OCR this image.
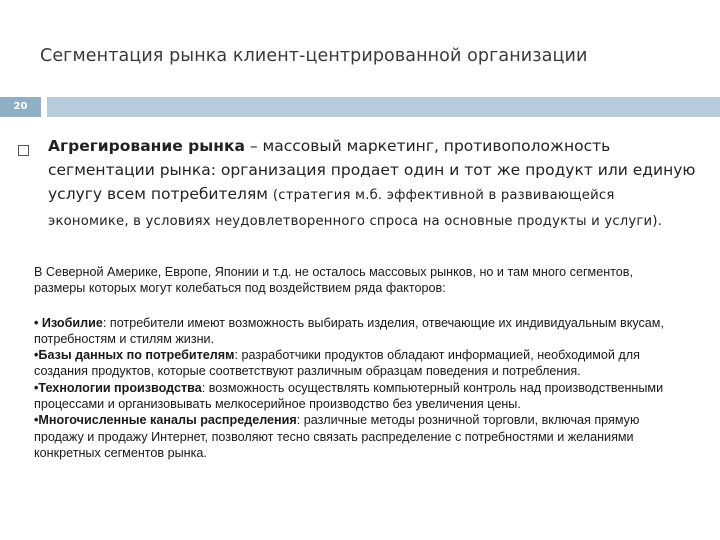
Сегментация рынка клиент-центрированной организации
20
Агрегирование рынка – массовый маркетинг, противоположность сегментации рынка: организация продает один и тот же продукт или единую услугу всем потребителям (стратегия м.б. эффективной в развивающейся экономике, в условиях неудовлетворенного спроса на основные продукты и услуги).

В Северной Америке, Европе, Японии и т.д. не осталось массовых рынков, но и там много сегментов, размеры которых могут колебаться под воздействием ряда факторов:

• Изобилие: потребители имеют возможность выбирать изделия, отвечающие их индивидуальным вкусам, потребностям и стилям жизни.

•Базы данных по потребителям: разработчики продуктов обладают информацией, необходимой для создания продуктов, которые соответствуют различным образцам поведения и потребления.

•Технологии производства: возможность осуществлять компьютерный контроль над производственными процессами и организовывать мелкосерийное производство без увеличения цены.

•Многочисленные каналы распределения: различные методы розничной торговли, включая прямую продажу и продажу Интернет, позволяют тесно связать распределение с потребностями и желаниями конкретных сегментов рынка.
